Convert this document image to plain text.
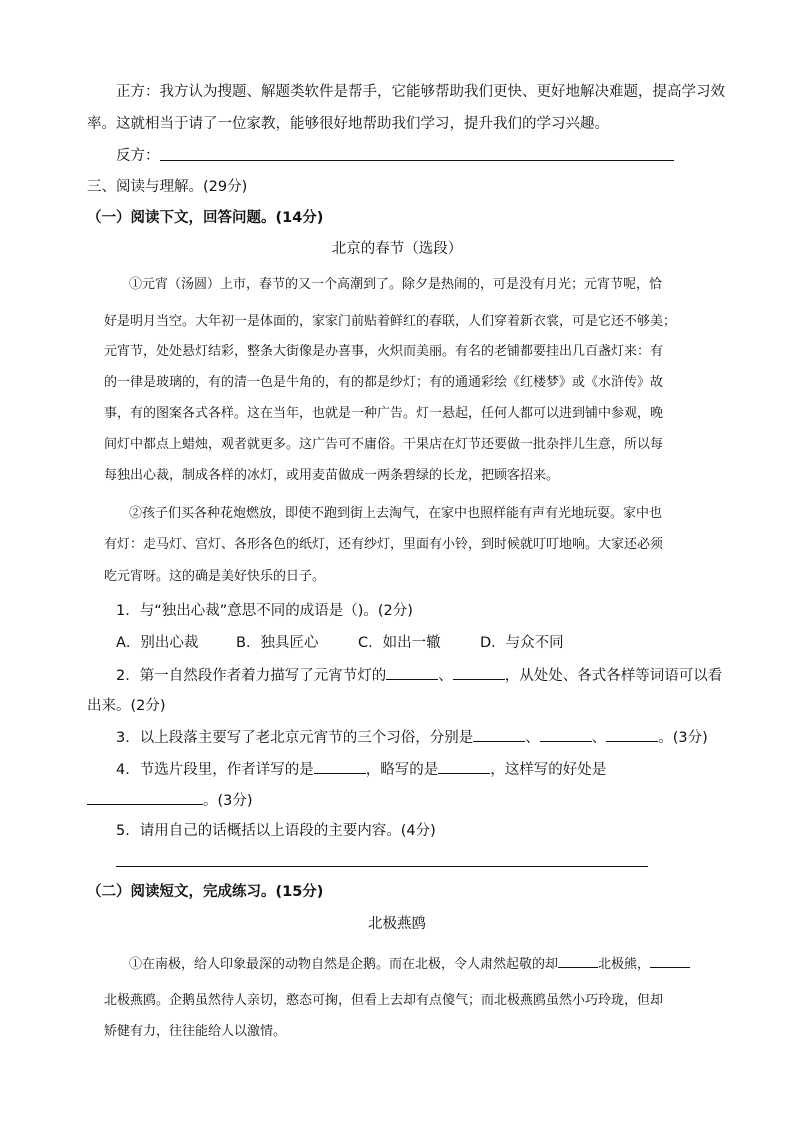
正方：我方认为搜题、解题类软件是帮手，它能够帮助我们更快、更好地解决难题，提高学习效
率。这就相当于请了一位家教，能够很好地帮助我们学习，提升我们的学习兴趣。
反方：
三、阅读与理解。(29分)
（一）阅读下文，回答问题。(14分)
北京的春节（选段）
①元宵（汤圆）上市，春节的又一个高潮到了。除夕是热闹的，可是没有月光；元宵节呢，恰
好是明月当空。大年初一是体面的，家家门前贴着鲜红的春联，人们穿着新衣裳，可是它还不够美；
元宵节，处处悬灯结彩，整条大街像是办喜事，火炽而美丽。有名的老铺都要挂出几百盏灯来：有
的一律是玻璃的，有的清一色是牛角的，有的都是纱灯；有的通通彩绘《红楼梦》或《水浒传》故
事，有的图案各式各样。这在当年，也就是一种广告。灯一悬起，任何人都可以进到铺中参观，晚
间灯中都点上蜡烛，观者就更多。这广告可不庸俗。干果店在灯节还要做一批杂拌儿生意，所以每
每独出心裁，制成各样的冰灯，或用麦苗做成一两条碧绿的长龙，把顾客招来。
②孩子们买各种花炮燃放，即使不跑到街上去淘气，在家中也照样能有声有光地玩耍。家中也
有灯：走马灯、宫灯、各形各色的纸灯，还有纱灯，里面有小铃，到时候就叮叮地响。大家还必须
吃元宵呀。这的确是美好快乐的日子。
1．与“独出心裁”意思不同的成语是（)。(2分)
A．别出心裁	B．独具匠心	C．如出一辙	D．与众不同
2．第一自然段作者着力描写了元宵节灯的	、	，从处处、各式各样等词语可以看
出来。(2分)
3．以上段落主要写了老北京元宵节的三个习俗，分别是	、	、	。(3分)
4．节选片段里，作者详写的是	，略写的是	，这样写的好处是
。(3分)
5．请用自己的话概括以上语段的主要内容。(4分)
（二）阅读短文，完成练习。(15分)
北极燕鸥
①在南极，给人印象最深的动物自然是企鹅。而在北极，令人肃然起敬的却	北极熊，
北极燕鸥。企鹅虽然待人亲切，憨态可掬，但看上去却有点傻气；而北极燕鸥虽然小巧玲珑，但却
矫健有力，往往能给人以激情。
